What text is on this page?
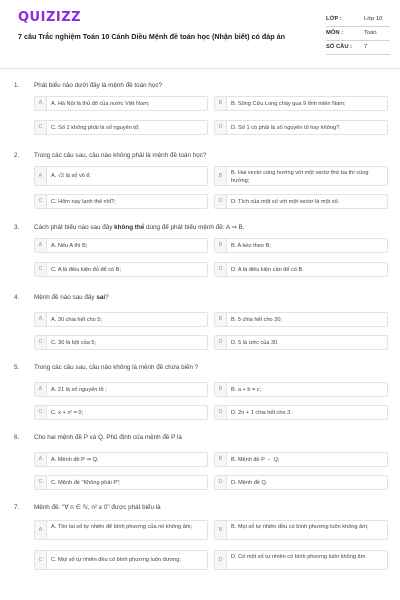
QUIZIZZ
7 câu Trắc nghiệm Toán 10 Cánh Diều Mệnh đề toán học (Nhận biết) có đáp án
LỚP :	Lớp 10
MÔN :	Toán
SỐ CÂU : 7
1. Phát biểu nào dưới đây là mệnh đề toán học?
A	A. Hà Nội là thủ đô của nước Việt Nam;	B	B. Sông Cửu Long chảy qua 9 tỉnh miền Nam;
C	C. Số 1 không phải là số nguyên tố;	D	D. Số 1 có phải là số nguyên tố hay không?.
2. Trong các câu sau, câu nào không phải là mệnh đề toán học?
A	A. √2 là số vô tỉ;	B	B. Hai vectơ cùng hướng với một vectơ thứ ba thì cùng hướng;
C	C. Hôm nay lạnh thế nhỉ?;	D	D. Tích của một số với một vectơ là một số.
3. Cách phát biểu nào sau đây không thể dùng để phát biểu mệnh đề: A ⇒ B.
A	A. Nếu A thì B;	B	B. A kéo theo B;
C	C. A là điều kiện đủ để có B;	D	D. A là điều kiện cần để có B.
4. Mệnh đề nào sau đây sai?
A	A. 30 chia hết cho 5;	B	B. 5 chia hết cho 30;
C	C. 30 là bội của 5;	D	D. 5 là ước của 30.
5. Trong các câu sau, câu nào không là mệnh đề chứa biến ?
A	A. 21 là số nguyên tố ;	B	B. a + b = c;
C	C. x + x² = 0;	D	D. 2n + 1 chia hết cho 3.
6. Cho hai mệnh đề P và Q. Phủ định của mệnh đề P là
A	A. Mệnh đề P ⇒ Q;	B	B. Mệnh đề P ⇔ Q;
C	C. Mệnh đề "Không phải P";	D	D. Mệnh đề Q.
7. Mệnh đề: "∀ n ∈ ℕ, n² ≥ 0" được phát biểu là
A	A. Tồn tại số tự nhiên để bình phương của nó không âm;	B	B. Mọi số tự nhiên đều có bình phương luôn không âm;
C	C. Mọi số tự nhiên đều có bình phương luôn dương;	D	D. Có một số tự nhiên có bình phương luôn không âm.
